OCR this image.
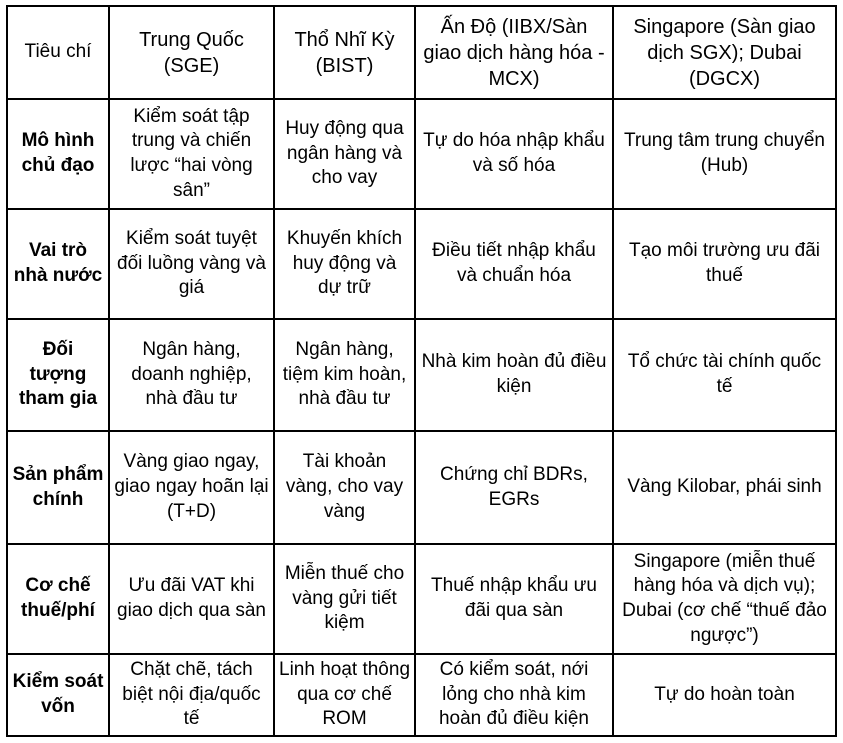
Tiêu chí	Trung Quốc (SGE)	Thổ Nhĩ Kỳ (BIST)	Ấn Độ (IIBX/Sàn giao dịch hàng hóa - MCX)	Singapore (Sàn giao dịch SGX); Dubai (DGCX)
Mô hình chủ đạo	Kiểm soát tập trung và chiến lược “hai vòng sân”	Huy động qua ngân hàng và cho vay	Tự do hóa nhập khẩu và số hóa	Trung tâm trung chuyển (Hub)
Vai trò nhà nước	Kiểm soát tuyệt đối luồng vàng và giá	Khuyến khích huy động và dự trữ	Điều tiết nhập khẩu và chuẩn hóa	Tạo môi trường ưu đãi thuế
Đối tượng tham gia	Ngân hàng, doanh nghiệp, nhà đầu tư	Ngân hàng, tiệm kim hoàn, nhà đầu tư	Nhà kim hoàn đủ điều kiện	Tổ chức tài chính quốc tế
Sản phẩm chính	Vàng giao ngay, giao ngay hoãn lại (T+D)	Tài khoản vàng, cho vay vàng	Chứng chỉ BDRs, EGRs	Vàng Kilobar, phái sinh
Cơ chế thuế/phí	Ưu đãi VAT khi giao dịch qua sàn	Miễn thuế cho vàng gửi tiết kiệm	Thuế nhập khẩu ưu đãi qua sàn	Singapore (miễn thuế hàng hóa và dịch vụ); Dubai (cơ chế “thuế đảo ngược”)
Kiểm soát vốn	Chặt chẽ, tách biệt nội địa/quốc tế	Linh hoạt thông qua cơ chế ROM	Có kiểm soát, nới lỏng cho nhà kim hoàn đủ điều kiện	Tự do hoàn toàn
